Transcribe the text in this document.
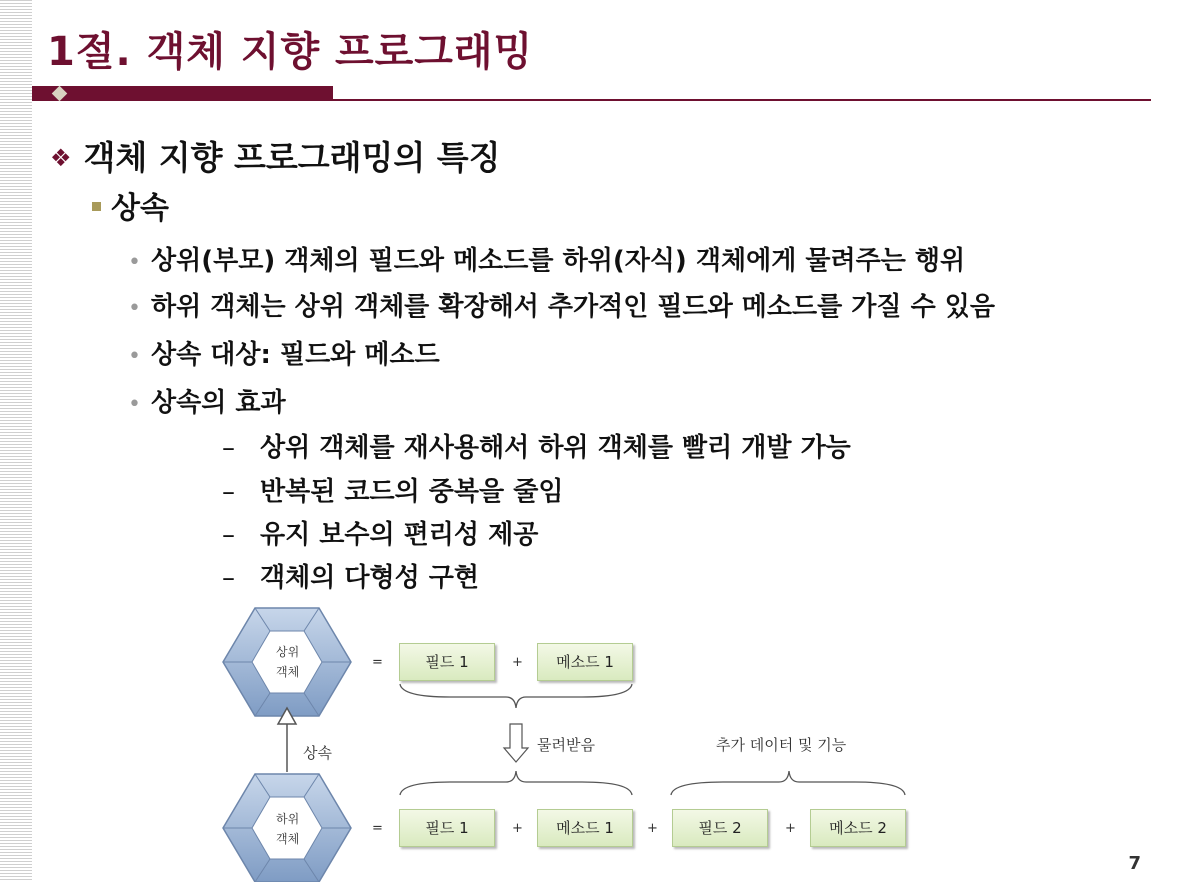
1절. 객체 지향 프로그래밍
❖ 객체 지향 프로그래밍의 특징
상속
• 상위(부모) 객체의 필드와 메소드를 하위(자식) 객체에게 물려주는 행위
• 하위 객체는 상위 객체를 확장해서 추가적인 필드와 메소드를 가질 수 있음
• 상속 대상: 필드와 메소드
• 상속의 효과
– 상위 객체를 재사용해서 하위 객체를 빨리 개발 가능
– 반복된 코드의 중복을 줄임
– 유지 보수의 편리성 제공
– 객체의 다형성 구현
상위
객체
하위
객체
상속	물려받음	추가 데이터 및 기능
=	+
=	+	+	+
필드 1	메소드 1
필드 1	메소드 1	필드 2	메소드 2
7
